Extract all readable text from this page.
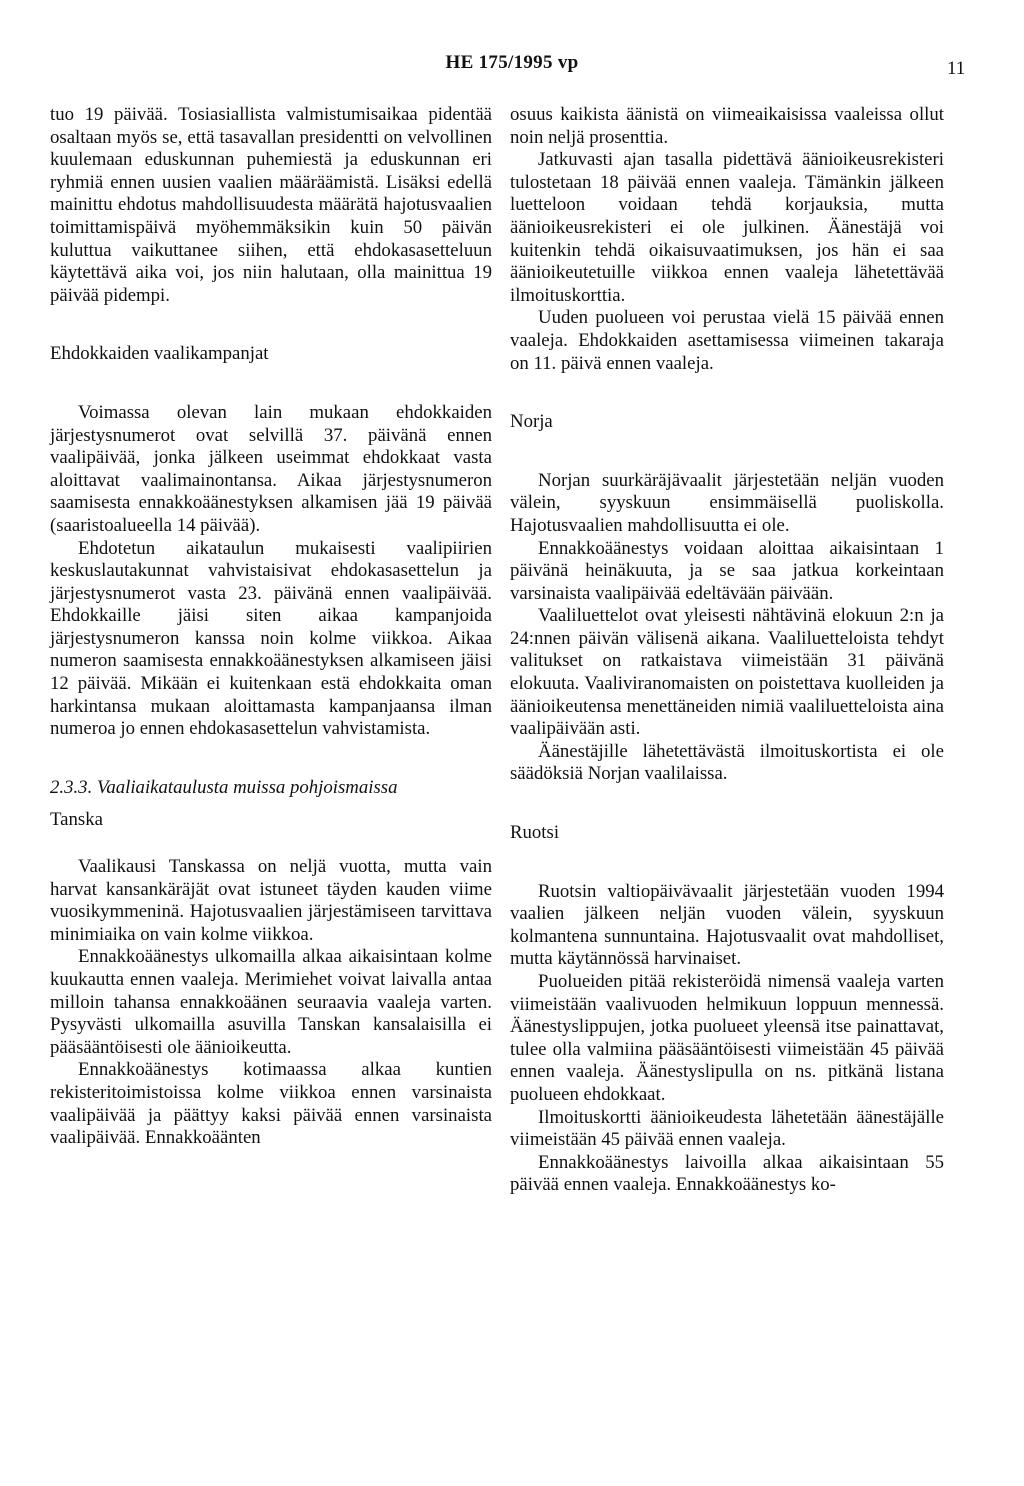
HE 175/1995 vp	11

tuo 19 päivää. Tosiasiallista valmistumisaikaa pidentää osaltaan myös se, että tasavallan presidentti on velvollinen kuulemaan eduskunnan puhemiestä ja eduskunnan eri ryhmiä ennen uusien vaalien määräämistä. Lisäksi edellä mainittu ehdotus mahdollisuudesta määrätä hajotusvaalien toimittamispäivä myöhemmäksikin kuin 50 päivän kuluttua vaikuttanee siihen, että ehdokasasetteluun käytettävä aika voi, jos niin halutaan, olla mainittua 19 päivää pidempi.

Ehdokkaiden vaalikampanjat

Voimassa olevan lain mukaan ehdokkaiden järjestysnumerot ovat selvillä 37. päivänä ennen vaalipäivää, jonka jälkeen useimmat ehdokkaat vasta aloittavat vaalimainontansa. Aikaa järjestysnumeron saamisesta ennakkoäänestyksen alkamisen jää 19 päivää (saaristoalueella 14 päivää).

Ehdotetun aikataulun mukaisesti vaalipiirien keskuslautakunnat vahvistaisivat ehdokasasettelun ja järjestysnumerot vasta 23. päivänä ennen vaalipäivää. Ehdokkaille jäisi siten aikaa kampanjoida järjestysnumeron kanssa noin kolme viikkoa. Aikaa numeron saamisesta ennakkoäänestyksen alkamiseen jäisi 12 päivää. Mikään ei kuitenkaan estä ehdokkaita oman harkintansa mukaan aloittamasta kampanjaansa ilman numeroa jo ennen ehdokasasettelun vahvistamista.

2.3.3. Vaaliaikataulusta muissa pohjoismaissa

Tanska

Vaalikausi Tanskassa on neljä vuotta, mutta vain harvat kansankäräjät ovat istuneet täyden kauden viime vuosikymmeninä. Hajotusvaalien järjestämiseen tarvittava minimiaika on vain kolme viikkoa.

Ennakkoäänestys ulkomailla alkaa aikaisintaan kolme kuukautta ennen vaaleja. Merimiehet voivat laivalla antaa milloin tahansa ennakkoäänen seuraavia vaaleja varten. Pysyvästi ulkomailla asuvilla Tanskan kansalaisilla ei pääsääntöisesti ole äänioikeutta.

Ennakkoäänestys kotimaassa alkaa kuntien rekisteritoimistoissa kolme viikkoa ennen varsinaista vaalipäivää ja päättyy kaksi päivää ennen varsinaista vaalipäivää. Ennakkoäänten

osuus kaikista äänistä on viimeaikaisissa vaaleissa ollut noin neljä prosenttia.

Jatkuvasti ajan tasalla pidettävä äänioikeusrekisteri tulostetaan 18 päivää ennen vaaleja. Tämänkin jälkeen luetteloon voidaan tehdä korjauksia, mutta äänioikeusrekisteri ei ole julkinen. Äänestäjä voi kuitenkin tehdä oikaisuvaatimuksen, jos hän ei saa äänioikeutetuille viikkoa ennen vaaleja lähetettävää ilmoituskorttia.

Uuden puolueen voi perustaa vielä 15 päivää ennen vaaleja. Ehdokkaiden asettamisessa viimeinen takaraja on 11. päivä ennen vaaleja.

Norja

Norjan suurkäräjävaalit järjestetään neljän vuoden välein, syyskuun ensimmäisellä puoliskolla. Hajotusvaalien mahdollisuutta ei ole.

Ennakkoäänestys voidaan aloittaa aikaisintaan 1 päivänä heinäkuuta, ja se saa jatkua korkeintaan varsinaista vaalipäivää edeltävään päivään.

Vaaliluettelot ovat yleisesti nähtävinä elokuun 2:n ja 24:nnen päivän välisenä aikana. Vaaliluetteloista tehdyt valitukset on ratkaistava viimeistään 31 päivänä elokuuta. Vaaliviranomaisten on poistettava kuolleiden ja äänioikeutensa menettäneiden nimiä vaaliluetteloista aina vaalipäivään asti.

Äänestäjille lähetettävästä ilmoituskortista ei ole säädöksiä Norjan vaalilaissa.

Ruotsi

Ruotsin valtiopäivävaalit järjestetään vuoden 1994 vaalien jälkeen neljän vuoden välein, syyskuun kolmantena sunnuntaina. Hajotusvaalit ovat mahdolliset, mutta käytännössä harvinaiset.

Puolueiden pitää rekisteröidä nimensä vaaleja varten viimeistään vaalivuoden helmikuun loppuun mennessä. Äänestyslippujen, jotka puolueet yleensä itse painattavat, tulee olla valmiina pääsääntöisesti viimeistään 45 päivää ennen vaaleja. Äänestyslipulla on ns. pitkänä listana puolueen ehdokkaat.

Ilmoituskortti äänioikeudesta lähetetään äänestäjälle viimeistään 45 päivää ennen vaaleja.

Ennakkoäänestys laivoilla alkaa aikaisintaan 55 päivää ennen vaaleja. Ennakkoäänestys ko-
